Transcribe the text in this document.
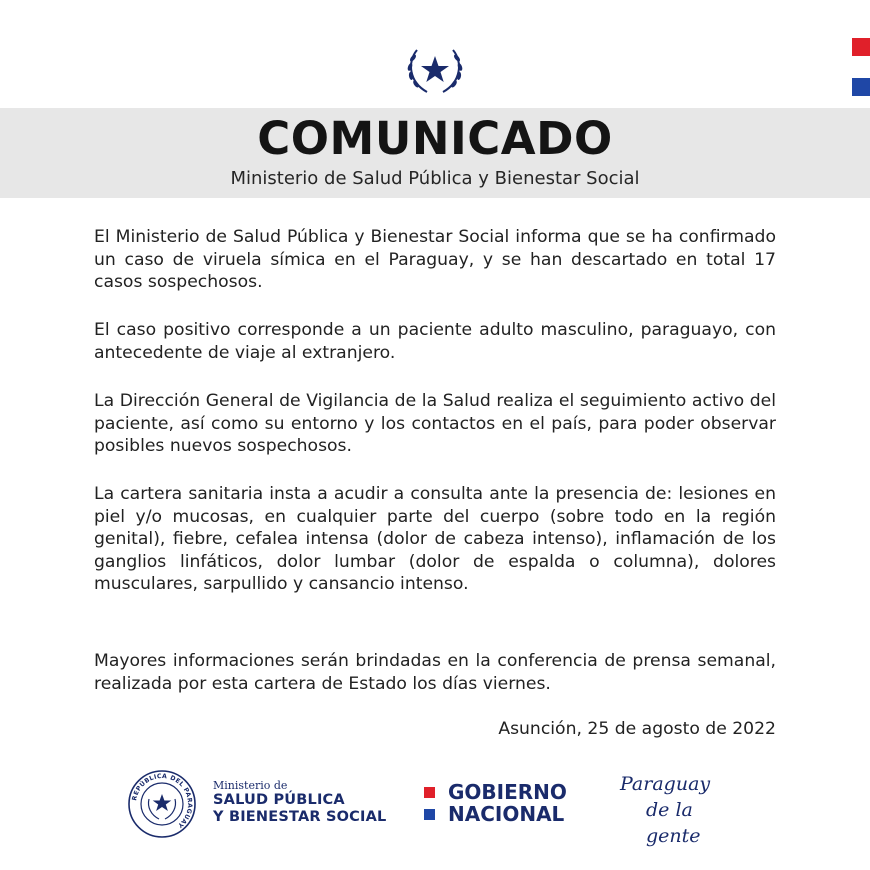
COMUNICADO
Ministerio de Salud Pública y Bienestar Social
El Ministerio de Salud Pública y Bienestar Social informa que se ha confirmado un caso de viruela símica en el Paraguay, y se han descartado en total 17 casos sospechosos.
El caso positivo corresponde a un paciente adulto masculino, paraguayo, con antecedente de viaje al extranjero.
La Dirección General de Vigilancia de la Salud realiza el seguimiento activo del paciente, así como su entorno y los contactos en el país, para poder observar posibles nuevos sospechosos.
La cartera sanitaria insta a acudir a consulta ante la presencia de: lesiones en piel y/o mucosas, en cualquier parte del cuerpo (sobre todo en la región genital), fiebre, cefalea intensa (dolor de cabeza intenso), inflamación de los ganglios linfáticos, dolor lumbar (dolor de espalda o columna), dolores musculares, sarpullido y cansancio intenso.
Mayores informaciones serán brindadas en la conferencia de prensa semanal, realizada por esta cartera de Estado los días viernes.
Asunción, 25 de agosto de 2022
REPÚBLICA DEL PARAGUAY
Ministerio de
SALUD PÚBLICA
Y BIENESTAR SOCIAL
GOBIERNO
NACIONAL
Paraguay
de la gente
